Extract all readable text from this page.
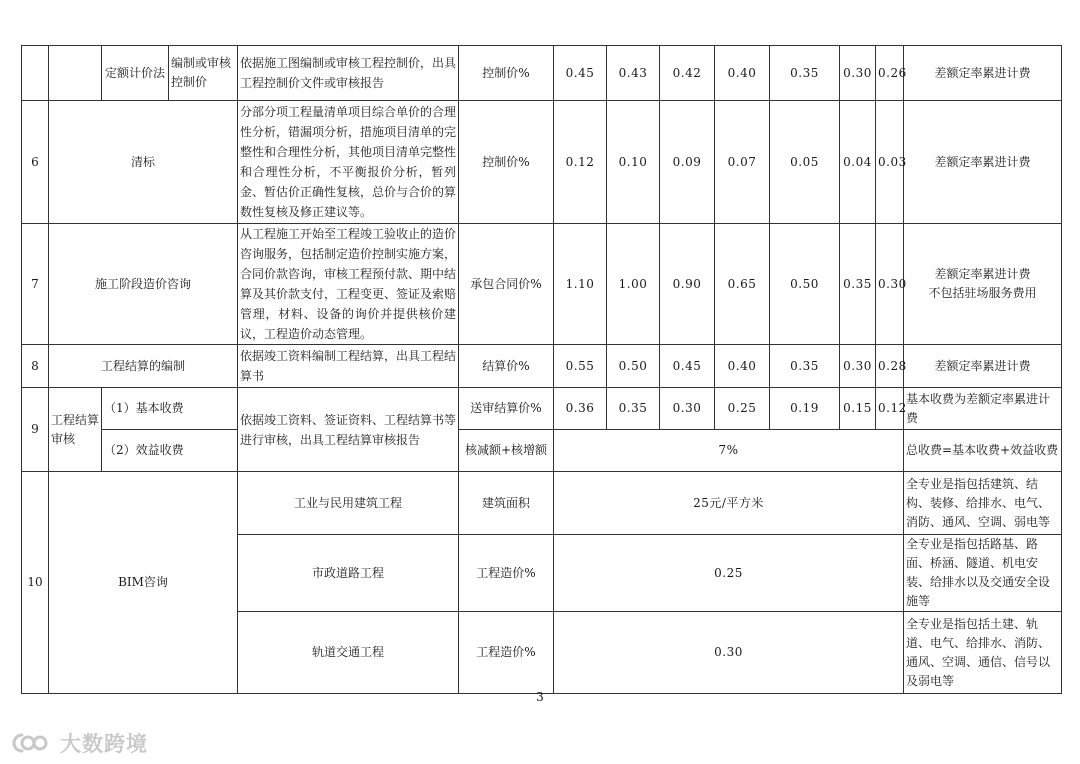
		定额计价法	编制或审核控制价	依据施工图编制或审核工程控制价，出具工程控制价文件或审核报告	控制价%	0.45	0.43	0.42	0.40	0.35	0.30	0.26	差额定率累进计费
6	清标			分部分项工程量清单项目综合单价的合理性分析，错漏项分析，措施项目清单的完整性和合理性分析，其他项目清单完整性和合理性分析，不平衡报价分析，暂列金、暂估价正确性复核，总价与合价的算数性复核及修正建议等。	控制价%	0.12	0.10	0.09	0.07	0.05	0.04	0.03	差额定率累进计费
7	施工阶段造价咨询			从工程施工开始至工程竣工验收止的造价咨询服务，包括制定造价控制实施方案，合同价款咨询，审核工程预付款、期中结算及其价款支付，工程变更、签证及索赔管理，材料、设备的询价并提供核价建议，工程造价动态管理。	承包合同价%	1.10	1.00	0.90	0.65	0.50	0.35	0.30	差额定率累进计费
不包括驻场服务费用

8	工程结算的编制			依据竣工资料编制工程结算，出具工程结算书	结算价%	0.55	0.50	0.45	0.40	0.35	0.30	0.28	差额定率累进计费
9	工程结算审核	（1）基本收费		依据竣工资料、签证资料、工程结算书等进行审核，出具工程结算审核报告	送审结算价%	0.36	0.35	0.30	0.25	0.19	0.15	0.12	基本收费为差额定率累进计费
		（2）效益收费			核减额+核增额	7%							总收费=基本收费+效益收费
10	BIM咨询			工业与民用建筑工程	建筑面积	25元/平方米							全专业是指包括建筑、结构、装修、给排水、电气、消防、通风、空调、弱电等
				市政道路工程	工程造价%	0.25							全专业是指包括路基、路面、桥涵、隧道、机电安装、给排水以及交通安全设施等
				轨道交通工程	工程造价%	0.30							全专业是指包括土建、轨道、电气、给排水、消防、通风、空调、通信、信号以及弱电等
3
大数跨境
